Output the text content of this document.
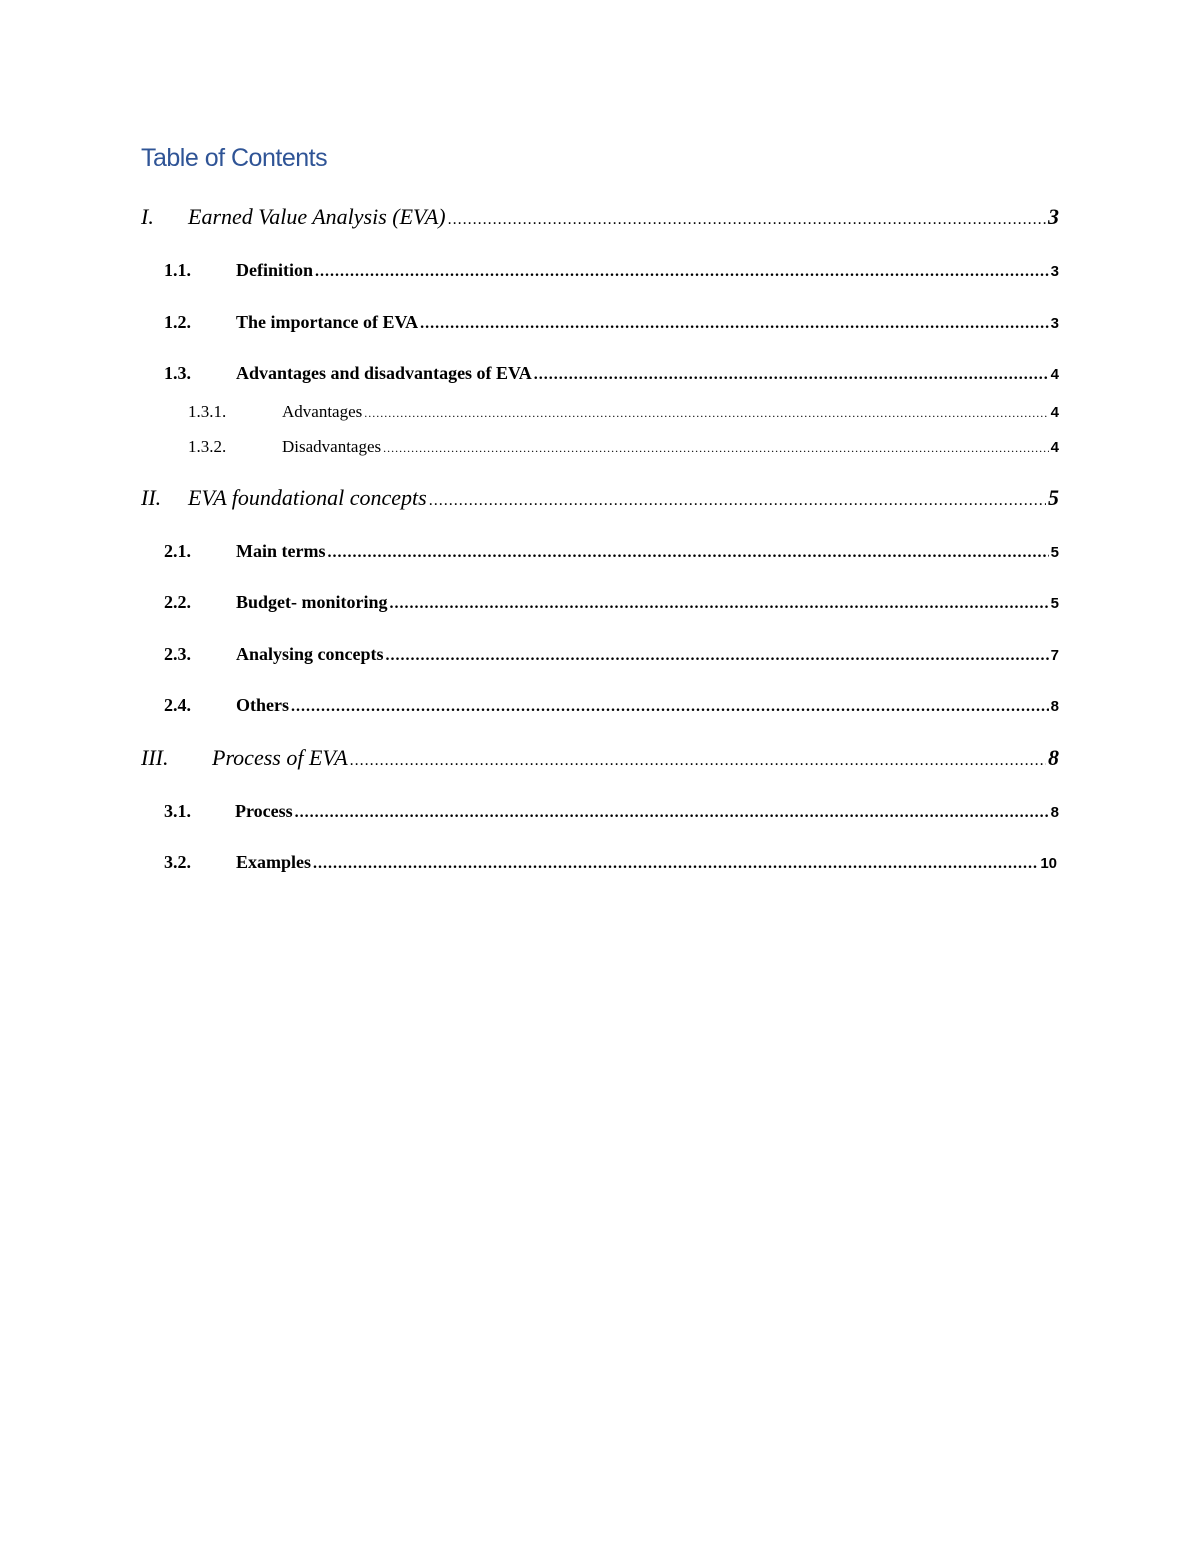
Table of Contents
I.	Earned Value Analysis (EVA) .....	3
1.1.	Definition .....	3
1.2.	The importance of EVA .....	3
1.3.	Advantages and disadvantages of EVA .....	4
1.3.1.	Advantages .....	4
1.3.2.	Disadvantages .....	4
II.	EVA foundational concepts .....	5
2.1.	Main terms .....	5
2.2.	Budget- monitoring .....	5
2.3.	Analysing concepts .....	7
2.4.	Others .....	8
III.	Process of EVA .....	8
3.1.	Process .....	8
3.2.	Examples .....	10
